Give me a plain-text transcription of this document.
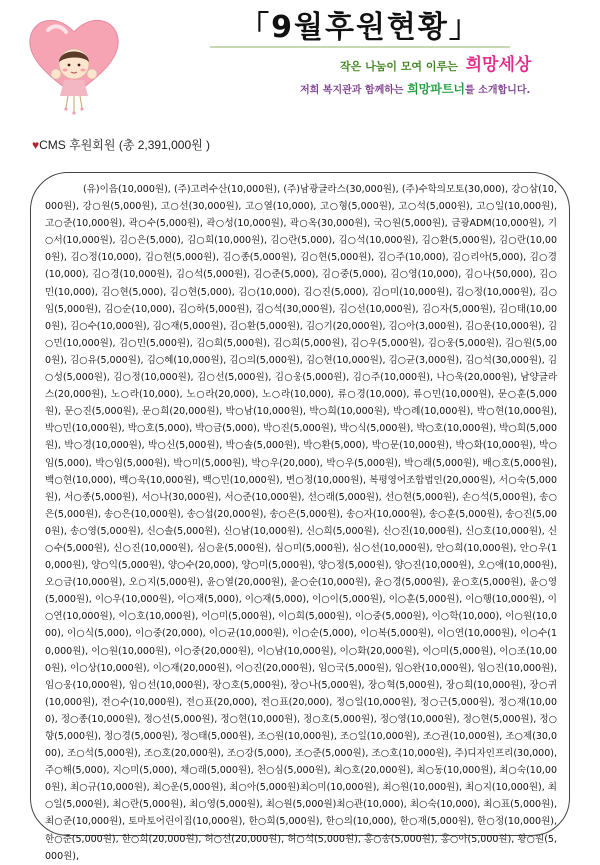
「9월후원현황」
작은 나눔이 모여 이루는 희망세상
저희 복지관과 함께하는 희망파트너를 소개합니다.
♥CMS 후원회원 (총 2,391,000원 )

(유)이음(10,000원), (주)고려수산(10,000원), (주)남광글라스(30,000원), (주)수학의모토(30,000), 강○삼(10,000원), 강○원(5,000원), 고○선(30,000원), 고○열(10,000), 고○형(5,000원), 고○석(5,000원), 고○일(10,000원), 고○준(10,000원), 곽○수(5,000원), 곽○성(10,000원), 곽○옥(30,000원), 국○원(5,000원), 금광ADM(10,000원), 기○서(10,000원), 김○은(5,000), 김○희(10,000원), 김○란(5,000), 김○석(10,000원), 김○환(5,000원), 김○란(10,000원), 김○정(10,000), 김○현(5,000원), 김○종(5,000원), 김○현(5,000원), 김○주(10,000), 김○리아(5,000), 김○경(10,000), 김○경(10,000원), 김○석(5,000원), 김○준(5,000), 김○중(5,000), 김○영(10,000), 김○나(50,000), 김○민(10,000), 김○현(5,000), 김○현(5,000), 김○(10,000), 김○진(5,000), 김○미(10,000원), 김○정(10,000원), 김○임(5,000원), 김○순(10,000), 김○하(5,000원), 김○석(30,000원), 김○선(10,000원), 김○자(5,000원), 김○태(10,000원), 김○수(10,000원), 김○재(5,000원), 김○환(5,000원), 김○기(20,000원), 김○아(3,000원), 김○운(10,000원), 김○민(10,000원), 김○민(5,000원), 김○희(5,000원), 김○희(5,000원), 김○우(5,000원), 김○웅(5,000원), 김○원(5,000원), 김○유(5,000원), 김○혜(10,000원), 김○의(5,000원), 김○현(10,000원), 김○균(3,000원), 김○석(30,000원), 김○성(5,000원), 김○정(10,000원), 김○선(5,000원), 김○웅(5,000원), 김○주(10,000원), 나○욱(20,000원), 남양글라스(20,000원), 노○라(10,000), 노○라(20,000), 노○라(10,000), 류○경(10,000), 류○민(10,000원), 문○훈(5,000원), 문○진(5,000원), 문○희(20,000원), 박○남(10,000원), 박○희(10,000원), 박○례(10,000원), 박○현(10,000원), 박○민(10,000원), 박○호(5,000), 박○금(5,000), 박○진(5,000원), 박○식(5,000원), 박○호(10,000원), 박○희(5,000원), 박○경(10,000원), 박○신(5,000원), 박○솔(5,000원), 박○환(5,000), 박○문(10,000원), 박○화(10,000원), 박○임(5,000), 박○임(5,000원), 박○미(5,000원), 박○우(20,000), 박○우(5,000원), 박○래(5,000원), 배○호(5,000원), 백○현(10,000), 백○욱(10,000원), 백○민(10,000원), 변○정(10,000원), 복평영어조합법인(20,000원), 서○숙(5,000원), 서○종(5,000원), 서○나(30,000원), 서○준(10,000원), 선○래(5,000원), 선○현(5,000원), 손○석(5,000원), 송○은(5,000원), 송○은(10,000원), 송○섭(20,000원), 송○은(5,000원), 송○자(10,000원), 송○훈(5,000원), 송○진(5,000원), 송○영(5,000원), 신○솔(5,000원), 신○남(10,000원), 신○희(5,000원), 신○진(10,000원), 신○호(10,000원), 신○수(5,000원), 신○진(10,000원), 심○윤(5,000원), 심○미(5,000원), 심○선(10,000원), 안○희(10,000원), 안○우(10,000원), 양○익(5,000원), 양○수(20,000), 양○미(5,000원), 양○정(5,000원), 양○진(10,000원), 오○애(10,000원), 오○금(10,000원), 오○지(5,000원), 윤○열(20,000원), 윤○순(10,000원), 윤○경(5,000원), 윤○호(5,000원), 윤○영(5,000원), 이○우(10,000원), 이○재(5,000), 이○재(5,000), 이○이(5,000원), 이○훈(5,000원), 이○행(10,000원), 이○연(10,000원), 이○호(10,000원), 이○미(5,000원), 이○희(5,000원), 이○중(5,000원), 이○학(10,000), 이○원(10,000), 이○식(5,000), 이○중(20,000), 이○균(10,000원), 이○순(5,000), 이○복(5,000원), 이○연(10,000원), 이○수(10,000원), 이○원(10,000원), 이○중(20,000원), 이○남(10,000원), 이○화(20,000원), 이○미(5,000원), 이○조(10,000원), 이○상(10,000원), 이○재(20,000원), 이○진(20,000원), 임○국(5,000원), 임○완(10,000원), 임○진(10,000원), 임○웅(10,000원), 임○선(10,000원), 장○호(5,000원), 장○나(5,000원), 장○혁(5,000원), 장○희(10,000원), 장○귀(10,000원), 전○수(10,000원), 전○표(20,000), 전○표(20,000), 정○일(10,000원), 정○근(5,000원), 정○재(10,000), 정○종(10,000원), 정○선(5,000원), 정○현(10,000원), 정○호(5,000원), 정○영(10,000원), 정○현(5,000원), 정○향(5,000원), 정○경(5,000원), 정○태(5,000원), 조○원(10,000원), 조○일(10,000원), 조○권(10,000원), 조○제(30,000), 조○석(5,000원), 조○호(20,000원), 조○강(5,000), 조○준(5,000원), 조○호(10,000원), 주)디자인프리(30,000), 주○해(5,000), 지○미(5,000), 채○래(5,000원), 천○심(5,000원), 최○호(20,000원), 최○동(10,000원), 최○숙(10,000원), 최○규(10,000원), 최○운(5,000원), 최○아(5,000원)최○미(10,000원), 최○원(10,000원), 최○지(10,000원), 최○일(5,000원), 최○란(5,000원), 최○영(5,000원), 최○원(5,000원)최○관(10,000), 최○숙(10,000), 최○표(5,000원), 최○준(10,000원), 토마토어린이집(10,000원), 한○희(5,000원), 한○의(10,000), 한○재(5,000원), 한○정(10,000원), 한○준(5,000원), 한○희(20,000원), 허○선(20,000원), 허○석(5,000원), 홍○송(5,000원), 홍○아(5,000원), 황○원(5,000원),
